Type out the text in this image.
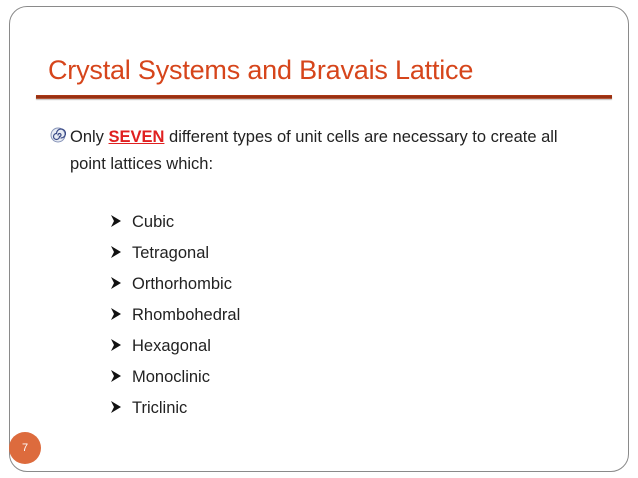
Crystal Systems and Bravais Lattice
Only SEVEN different types of unit cells are necessary to create all point lattices which:
Cubic
Tetragonal
Orthorhombic
Rhombohedral
Hexagonal
Monoclinic
Triclinic
7
